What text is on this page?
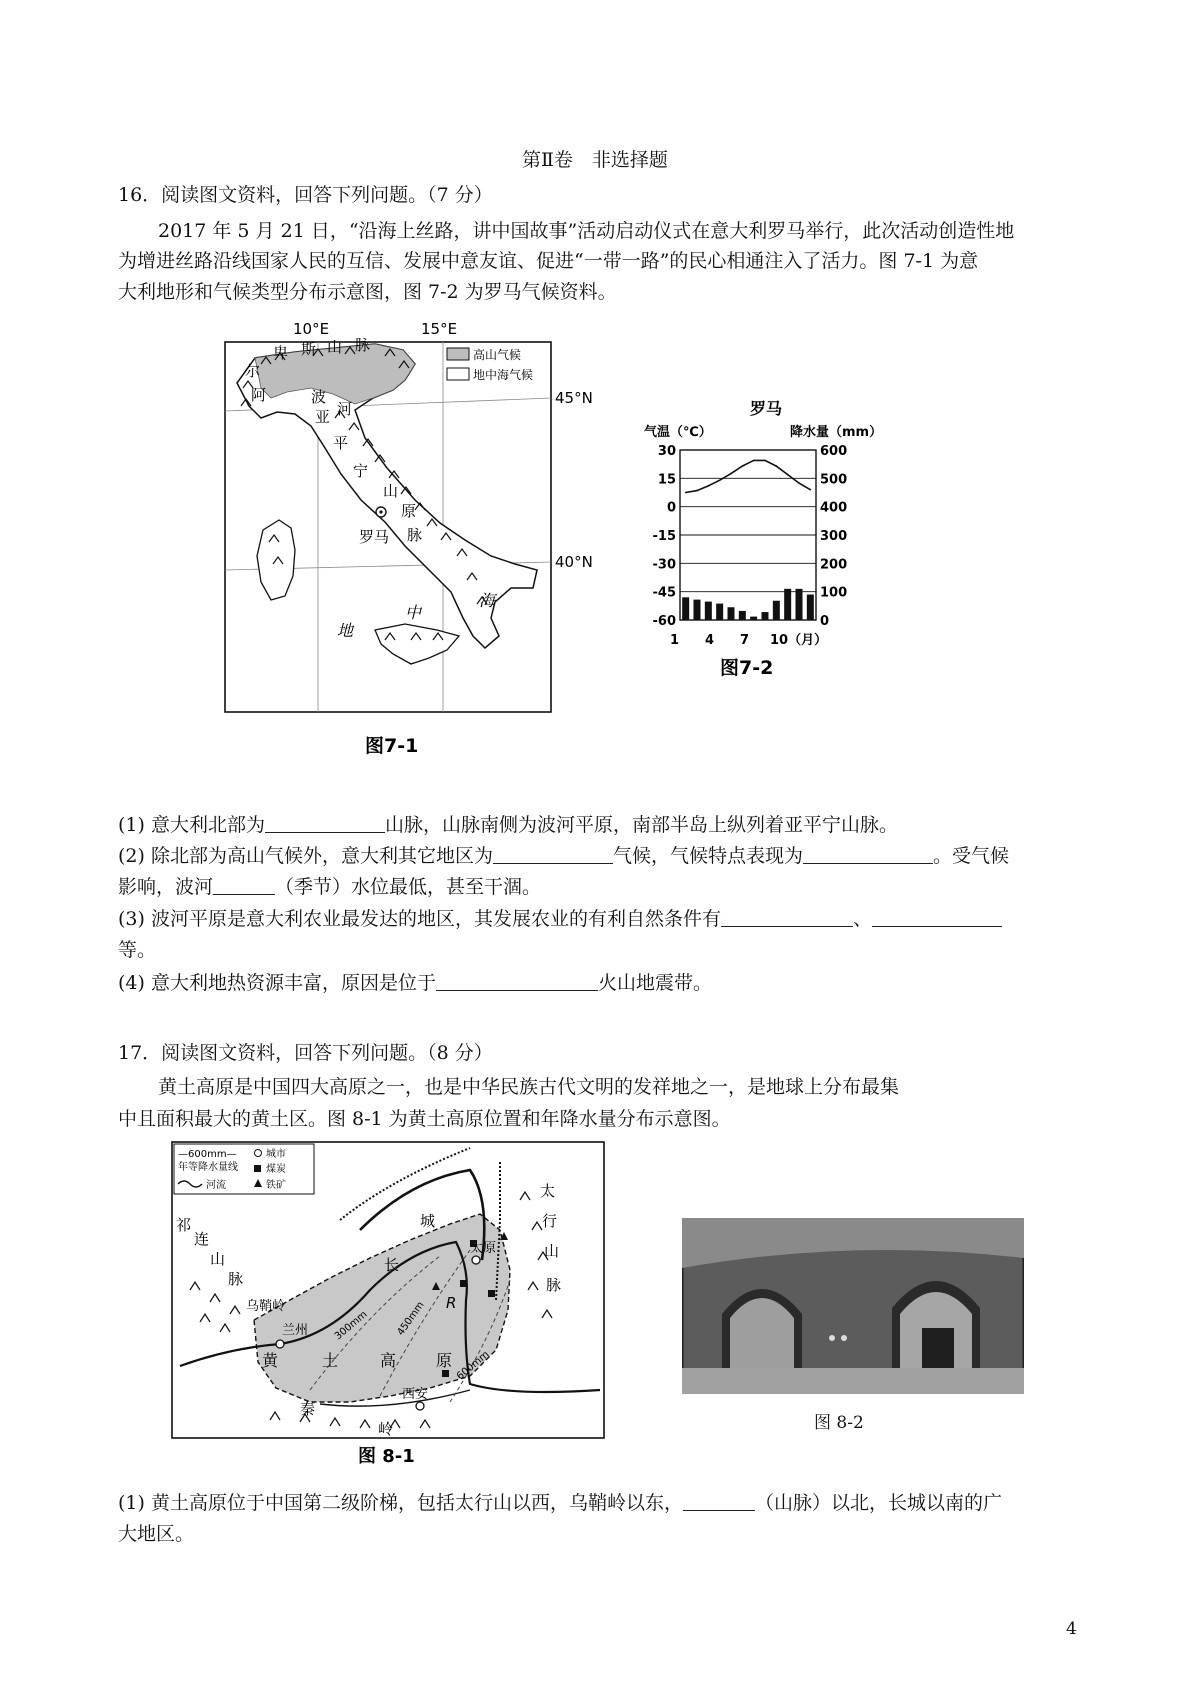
第Ⅱ卷　非选择题
16．阅读图文资料，回答下列问题。（7 分）
2017 年 5 月 21 日，“沿海上丝路，讲中国故事”活动启动仪式在意大利罗马举行，此次活动创造性地
为增进丝路沿线国家人民的互信、发展中意友谊、促进“一带一路”的民心相通注入了活力。图 7-1 为意
大利地形和气候类型分布示意图，图 7-2 为罗马气候资料。
10°E	15°E
45°N
40°N
高山气候
地中海气候
阿
尔
卑 斯 山 脉
波
河
亚
平
宁
山
原
脉
罗马
地
中
海
图7-1
罗马
气温（℃）	降水量（mm）
30
15
0
-15
-30
-45
-60
600
500
400
300
200
100
0
1 4 7 10（月）
图7-2
(1) 意大利北部为	山脉，山脉南侧为波河平原，南部半岛上纵列着亚平宁山脉。
(2) 除北部为高山气候外，意大利其它地区为	气候，气候特点表现为	。受气候
影响，波河	（季节）水位最低，甚至干涸。
(3) 波河平原是意大利农业最发达的地区，其发展农业的有利自然条件有	、
等。
(4) 意大利地热资源丰富，原因是位于	火山地震带。
17．阅读图文资料，回答下列问题。（8 分）
黄土高原是中国四大高原之一，也是中华民族古代文明的发祥地之一，是地球上分布最集
中且面积最大的黄土区。图 8-1 为黄土高原位置和年降水量分布示意图。
—600mm—
年等降水量线
河流
城市
煤炭
铁矿
300mm	450mm
600mm
祁
连
山
脉
乌鞘岭
兰州
太原
西安
黄	土	高 原
长
城
R
太
行
山
脉
秦
岭
图 8-1
图 8-2
(1) 黄土高原位于中国第二级阶梯，包括太行山以西，乌鞘岭以东，	（山脉）以北，长城以南的广
大地区。
4
